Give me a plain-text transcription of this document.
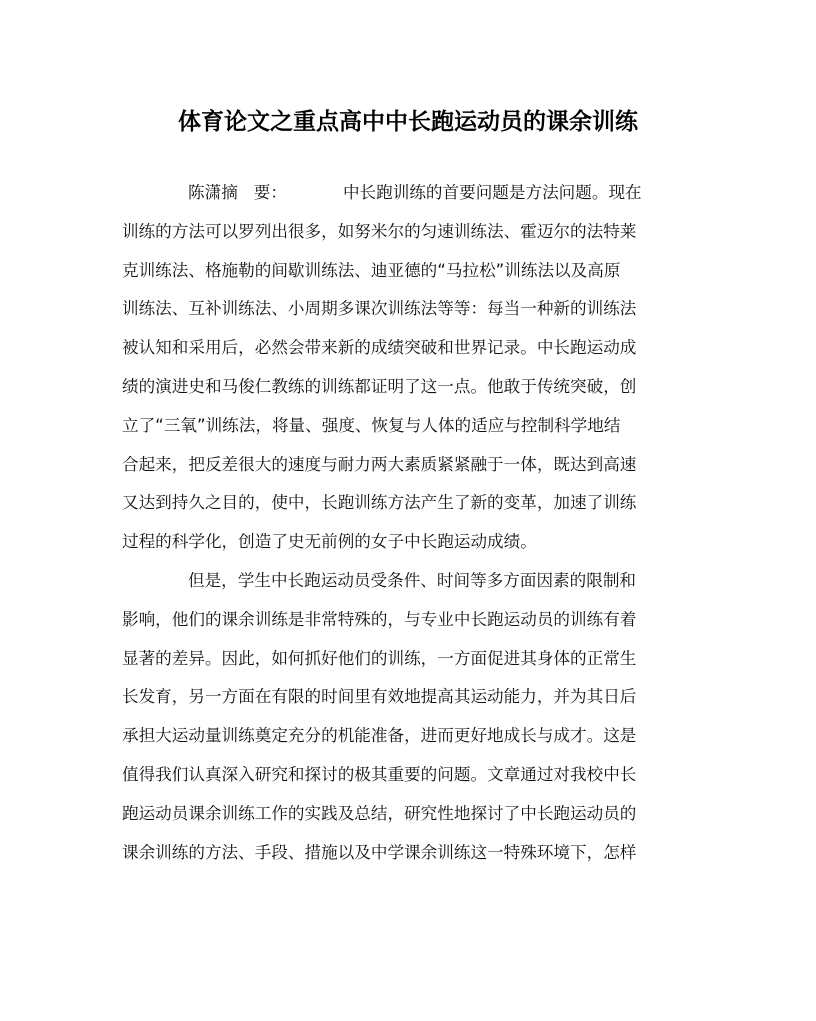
体育论文之重点高中中长跑运动员的课余训练
陈潇摘 要：	中长跑训练的首要问题是方法问题。现在
训练的方法可以罗列出很多，如努米尔的匀速训练法、霍迈尔的法特莱
克训练法、格施勒的间歇训练法、迪亚德的“马拉松”训练法以及高原
训练法、互补训练法、小周期多课次训练法等等：每当一种新的训练法
被认知和采用后，必然会带来新的成绩突破和世界记录。中长跑运动成
绩的演进史和马俊仁教练的训练都证明了这一点。他敢于传统突破，创
立了“三氧”训练法，将量、强度、恢复与人体的适应与控制科学地结
合起来，把反差很大的速度与耐力两大素质紧紧融于一体，既达到高速
又达到持久之目的，使中，长跑训练方法产生了新的变革，加速了训练
过程的科学化，创造了史无前例的女子中长跑运动成绩。
但是，学生中长跑运动员受条件、时间等多方面因素的限制和
影响，他们的课余训练是非常特殊的，与专业中长跑运动员的训练有着
显著的差异。因此，如何抓好他们的训练，一方面促进其身体的正常生
长发育，另一方面在有限的时间里有效地提高其运动能力，并为其日后
承担大运动量训练奠定充分的机能准备，进而更好地成长与成才。这是
值得我们认真深入研究和探讨的极其重要的问题。文章通过对我校中长
跑运动员课余训练工作的实践及总结，研究性地探讨了中长跑运动员的
课余训练的方法、手段、措施以及中学课余训练这一特殊环境下，怎样
